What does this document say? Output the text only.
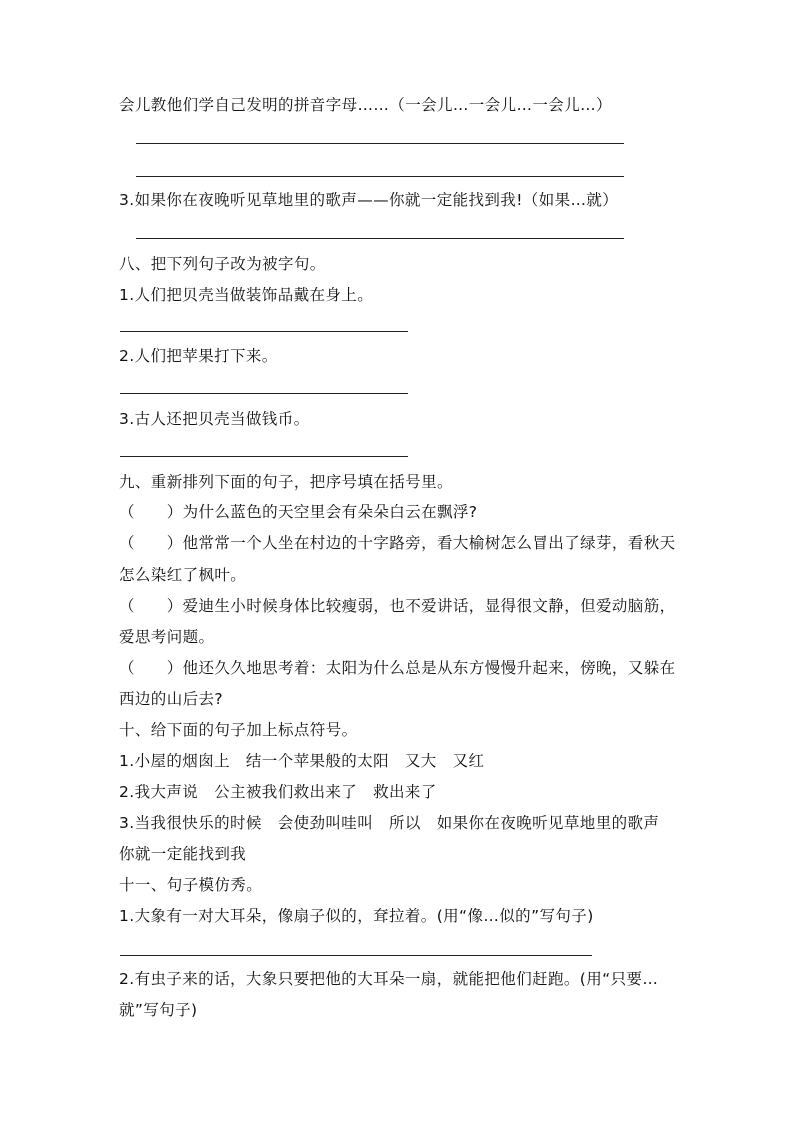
会儿教他们学自己发明的拼音字母……（一会儿…一会儿…一会儿…）
3.如果你在夜晚听见草地里的歌声——你就一定能找到我!（如果…就）
八、把下列句子改为被字句。
1.人们把贝壳当做装饰品戴在身上。
2.人们把苹果打下来。
3.古人还把贝壳当做钱币。
九、重新排列下面的句子，把序号填在括号里。
（　　）为什么蓝色的天空里会有朵朵白云在飘浮?
（　　）他常常一个人坐在村边的十字路旁，看大榆树怎么冒出了绿芽，看秋天
怎么染红了枫叶。
（　　）爱迪生小时候身体比较瘦弱，也不爱讲话，显得很文静，但爱动脑筋，
爱思考问题。
（　　）他还久久地思考着：太阳为什么总是从东方慢慢升起来，傍晚，又躲在
西边的山后去?
十、给下面的句子加上标点符号。
1.小屋的烟囱上　结一个苹果般的太阳　又大　又红
2.我大声说　公主被我们救出来了　救出来了
3.当我很快乐的时候　会使劲叫哇叫　所以　如果你在夜晚听见草地里的歌声
你就一定能找到我
十一、句子模仿秀。
1.大象有一对大耳朵，像扇子似的，耷拉着。(用“像…似的”写句子)
2.有虫子来的话，大象只要把他的大耳朵一扇，就能把他们赶跑。(用“只要…
就”写句子)
